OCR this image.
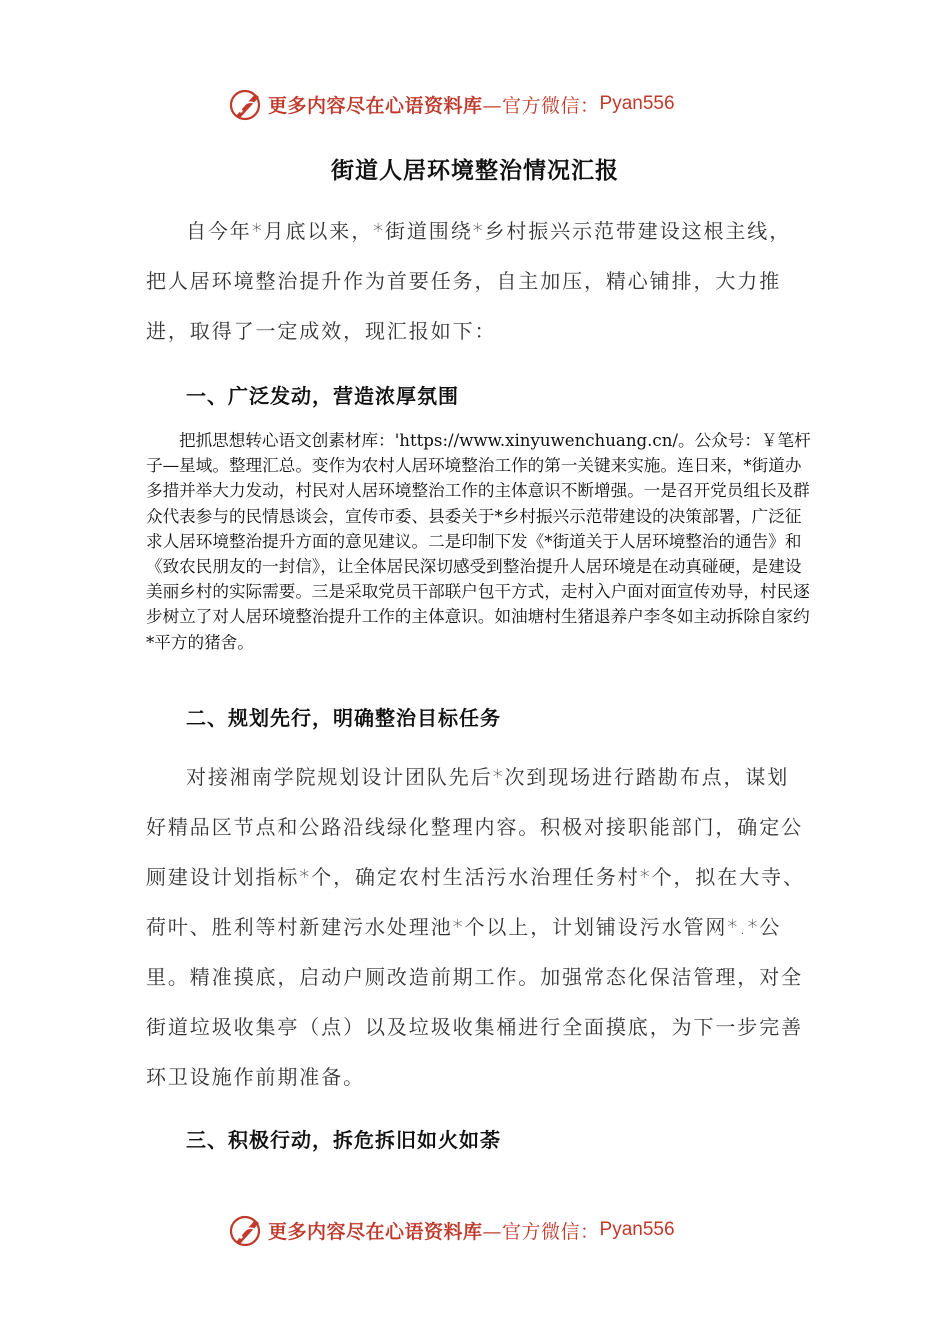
更多内容尽在心语资料库 —官方微信： Pyan556
街道人居环境整治情况汇报
自今年*月底以来，*街道围绕*乡村振兴示范带建设这根主线，把人居环境整治提升作为首要任务，自主加压，精心铺排，大力推进，取得了一定成效，现汇报如下：
一、广泛发动，营造浓厚氛围
把抓思想转心语文创素材库：'https://www.xinyuwenchuang.cn/。公众号：￥笔杆子—星域。整理汇总。变作为农村人居环境整治工作的第一关键来实施。连日来，*街道办多措并举大力发动，村民对人居环境整治工作的主体意识不断增强。一是召开党员组长及群众代表参与的民情恳谈会，宣传市委、县委关于*乡村振兴示范带建设的决策部署，广泛征求人居环境整治提升方面的意见建议。二是印制下发《*街道关于人居环境整治的通告》和《致农民朋友的一封信》，让全体居民深切感受到整治提升人居环境是在动真碰硬，是建设美丽乡村的实际需要。三是采取党员干部联户包干方式，走村入户面对面宣传劝导，村民逐步树立了对人居环境整治提升工作的主体意识。如油塘村生猪退养户李冬如主动拆除自家约*平方的猪舍。
二、规划先行，明确整治目标任务
对接湘南学院规划设计团队先后*次到现场进行踏勘布点，谋划好精品区节点和公路沿线绿化整理内容。积极对接职能部门，确定公厕建设计划指标*个，确定农村生活污水治理任务村*个，拟在大寺、荷叶、胜利等村新建污水处理池*个以上，计划铺设污水管网*.*公里。精准摸底，启动户厕改造前期工作。加强常态化保洁管理，对全街道垃圾收集亭（点）以及垃圾收集桶进行全面摸底，为下一步完善环卫设施作前期准备。
三、积极行动，拆危拆旧如火如荼
更多内容尽在心语资料库 —官方微信： Pyan556
